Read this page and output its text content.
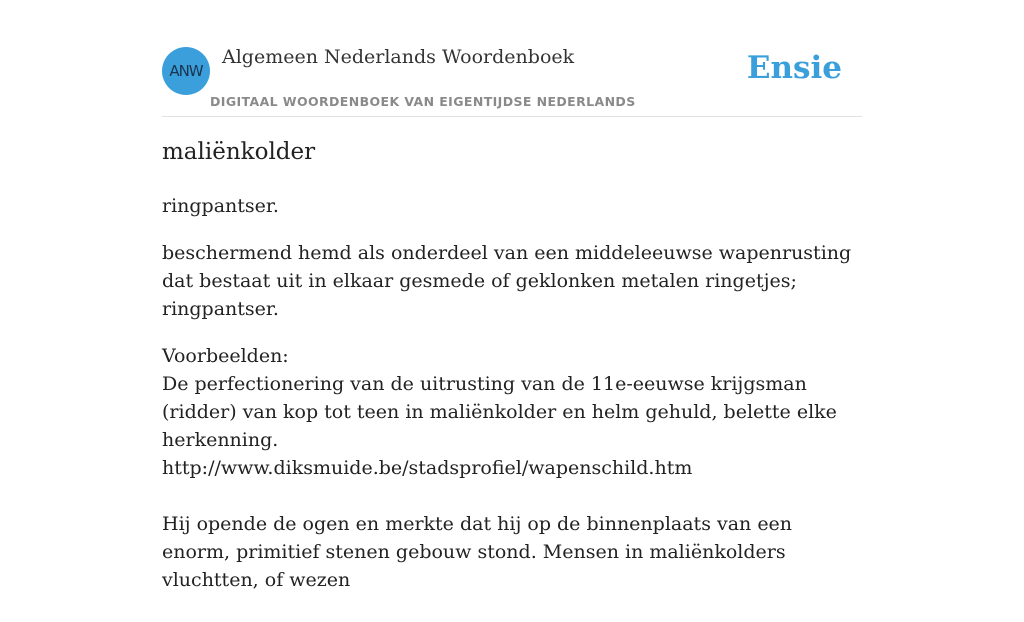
ANW
Algemeen Nederlands Woordenboek
DIGITAAL WOORDENBOEK VAN EIGENTIJDSE NEDERLANDS
Ensie
maliënkolder

ringpantser.

beschermend hemd als onderdeel van een middeleeuwse wapenrusting dat bestaat uit in elkaar gesmede of geklonken metalen ringetjes; ringpantser.

Voorbeelden:
De perfectionering van de uitrusting van de 11e-eeuwse krijgsman (ridder) van kop tot teen in maliënkolder en helm gehuld, belette elke herkenning.
http://www.diksmuide.be/stadsprofiel/wapenschild.htm
Hij opende de ogen en merkte dat hij op de binnenplaats van een enorm, primitief stenen gebouw stond. Mensen in maliënkolders vluchtten, of wezen
